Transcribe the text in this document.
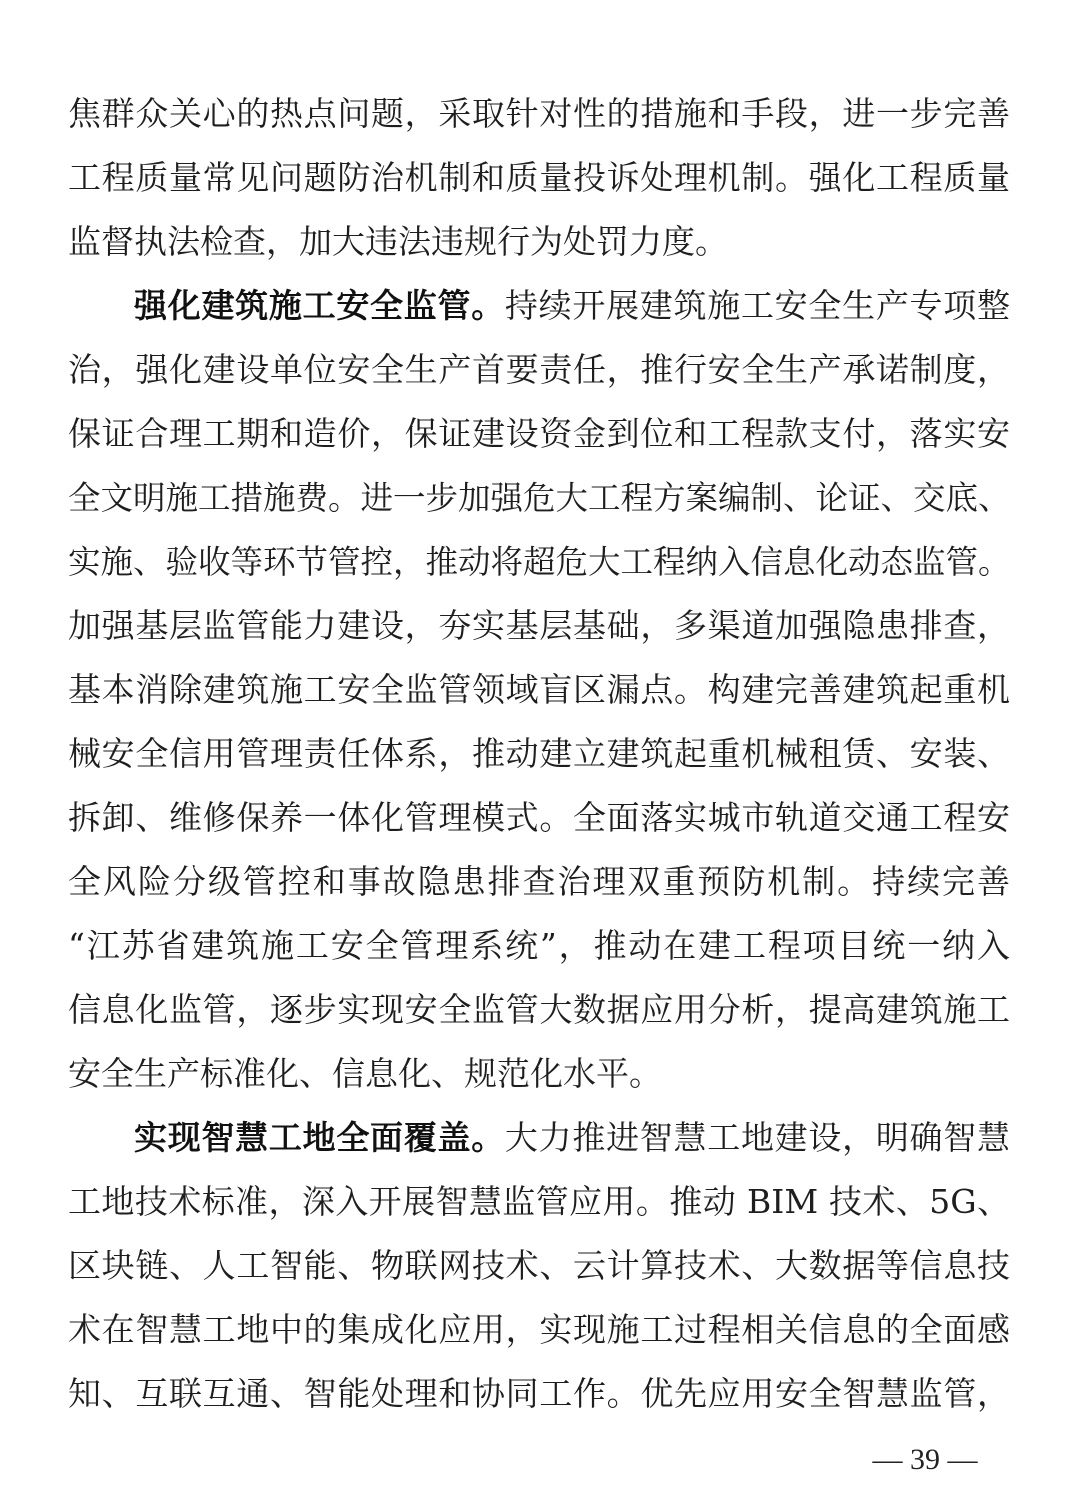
焦群众关心的热点问题，采取针对性的措施和手段，进一步完善
工程质量常见问题防治机制和质量投诉处理机制。强化工程质量
监督执法检查，加大违法违规行为处罚力度。
强化建筑施工安全监管。持续开展建筑施工安全生产专项整
治，强化建设单位安全生产首要责任，推行安全生产承诺制度，
保证合理工期和造价，保证建设资金到位和工程款支付，落实安
全文明施工措施费。进一步加强危大工程方案编制、论证、交底、
实施、验收等环节管控，推动将超危大工程纳入信息化动态监管。
加强基层监管能力建设，夯实基层基础，多渠道加强隐患排查，
基本消除建筑施工安全监管领域盲区漏点。构建完善建筑起重机
械安全信用管理责任体系，推动建立建筑起重机械租赁、安装、
拆卸、维修保养一体化管理模式。全面落实城市轨道交通工程安
全风险分级管控和事故隐患排查治理双重预防机制。持续完善
“江苏省建筑施工安全管理系统”，推动在建工程项目统一纳入
信息化监管，逐步实现安全监管大数据应用分析，提高建筑施工
安全生产标准化、信息化、规范化水平。
实现智慧工地全面覆盖。大力推进智慧工地建设，明确智慧
工地技术标准，深入开展智慧监管应用。推动 BIM 技术、5G、
区块链、人工智能、物联网技术、云计算技术、大数据等信息技
术在智慧工地中的集成化应用，实现施工过程相关信息的全面感
知、互联互通、智能处理和协同工作。优先应用安全智慧监管，
— 39 —
